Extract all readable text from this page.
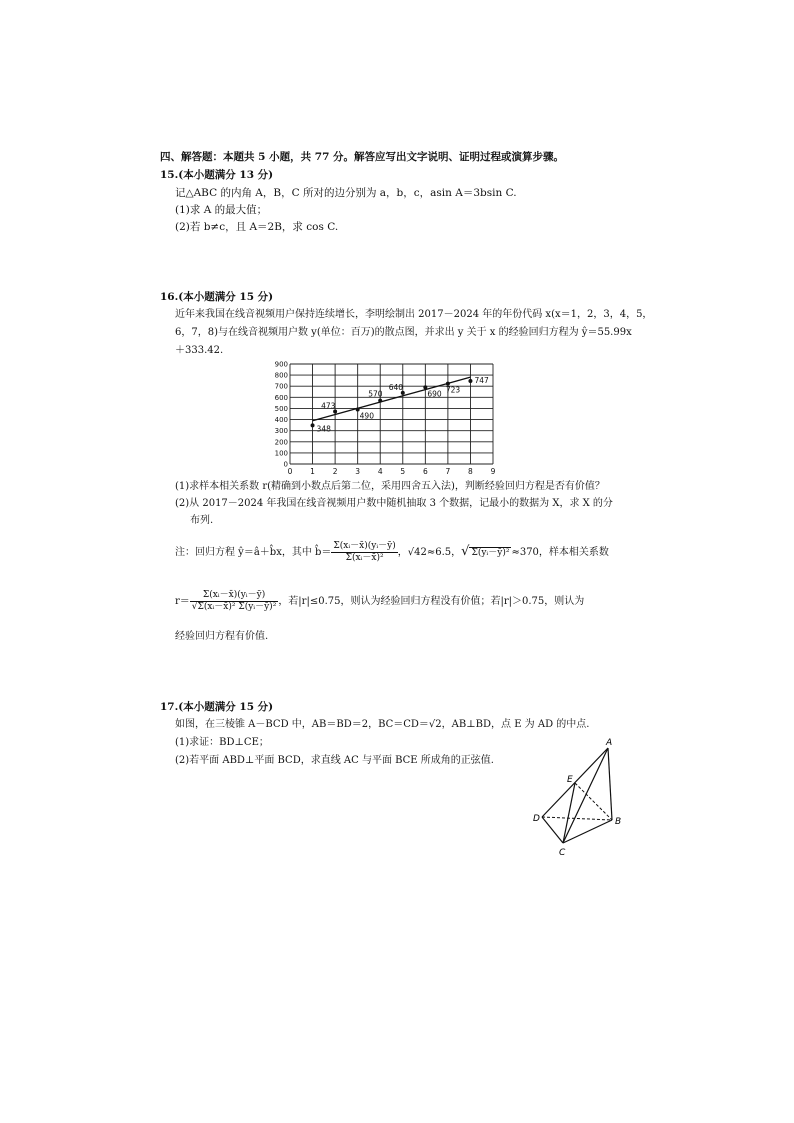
四、解答题：本题共 5 小题，共 77 分。解答应写出文字说明、证明过程或演算步骤。
15.(本小题满分 13 分)
记△ABC 的内角 A，B，C 所对的边分别为 a，b，c，asin A＝3bsin C.
(1)求 A 的最大值；
(2)若 b≠c，且 A＝2B，求 cos C.
16.(本小题满分 15 分)
近年来我国在线音视频用户保持连续增长，李明绘制出 2017－2024 年的年份代码 x(x＝1，2，3，4，5，
6，7，8)与在线音视频用户数 y(单位：百万)的散点图，并求出 y 关于 x 的经验回归方程为 ŷ＝55.99x
＋333.42.
0 1 2 3 4 5 6 7 8 9
0
100
200
300
400
500
600
700
800
900
348
473
490
570
640
690 723
747
(1)求样本相关系数 r(精确到小数点后第二位，采用四舍五入法)，判断经验回归方程是否有价值？
(2)从 2017－2024 年我国在线音视频用户数中随机抽取 3 个数据，记最小的数据为 X，求 X 的分
布列.
注：回归方程 ŷ＝â＋b̂x，其中 b̂＝ $\frac{\text{Σ(xᵢ－x̄)(yᵢ－ȳ)}}{\text{Σ(xᵢ－x̄)²}}$ ，√42≈6.5，√ Σ(yᵢ－ȳ)² ≈370，样本相关系数
$r= \frac{\text{Σ(xᵢ－x̄)(yᵢ－ȳ)}}{\text{√Σ(xᵢ－x̄)² Σ(yᵢ－ȳ)²}}$ ，若|r|≤0.75，则认为经验回归方程没有价值；若|r|＞0.75，则认为
经验回归方程有价值.
17.(本小题满分 15 分)
如图，在三棱锥 A－BCD 中，AB＝BD＝2，BC＝CD＝√2，AB⊥BD，点 E 为 AD 的中点.
(1)求证：BD⊥CE；
(2)若平面 ABD⊥平面 BCD，求直线 AC 与平面 BCE 所成角的正弦值.
A
B
C
D
E
